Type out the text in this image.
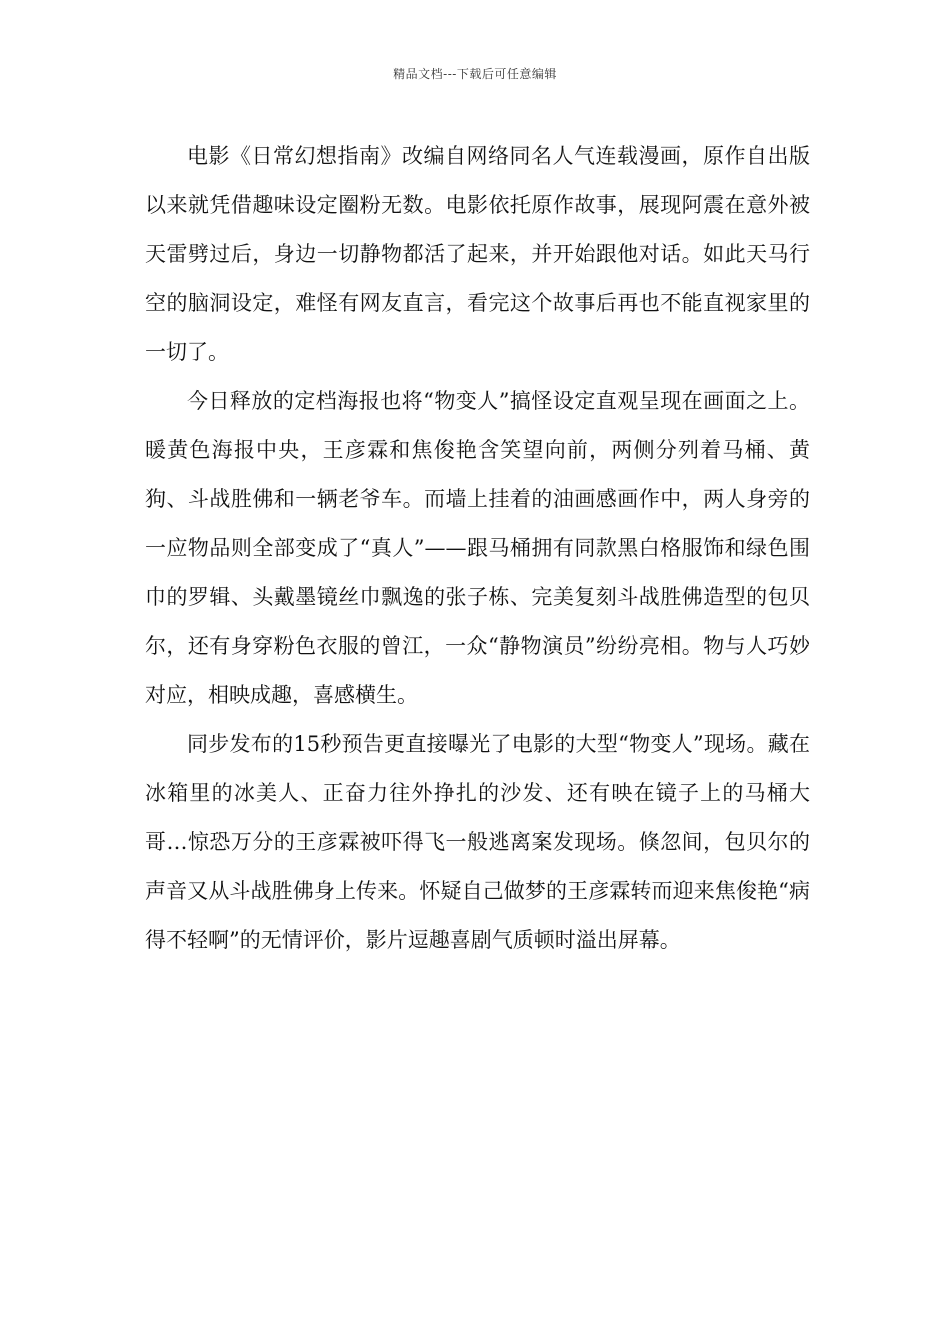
精品文档---下载后可任意编辑

电影《日常幻想指南》改编自网络同名人气连载漫画，原作自出版以来就凭借趣味设定圈粉无数。电影依托原作故事，展现阿震在意外被天雷劈过后，身边一切静物都活了起来，并开始跟他对话。如此天马行空的脑洞设定，难怪有网友直言，看完这个故事后再也不能直视家里的一切了。

今日释放的定档海报也将“物变人”搞怪设定直观呈现在画面之上。暖黄色海报中央，王彦霖和焦俊艳含笑望向前，两侧分列着马桶、黄狗、斗战胜佛和一辆老爷车。而墙上挂着的油画感画作中，两人身旁的一应物品则全部变成了“真人”——跟马桶拥有同款黑白格服饰和绿色围巾的罗辑、头戴墨镜丝巾飘逸的张子栋、完美复刻斗战胜佛造型的包贝尔，还有身穿粉色衣服的曾江，一众“静物演员”纷纷亮相。物与人巧妙对应，相映成趣，喜感横生。

同步发布的15秒预告更直接曝光了电影的大型“物变人”现场。藏在冰箱里的冰美人、正奋力往外挣扎的沙发、还有映在镜子上的马桶大哥…惊恐万分的王彦霖被吓得飞一般逃离案发现场。倏忽间，包贝尔的声音又从斗战胜佛身上传来。怀疑自己做梦的王彦霖转而迎来焦俊艳“病得不轻啊”的无情评价，影片逗趣喜剧气质顿时溢出屏幕。
